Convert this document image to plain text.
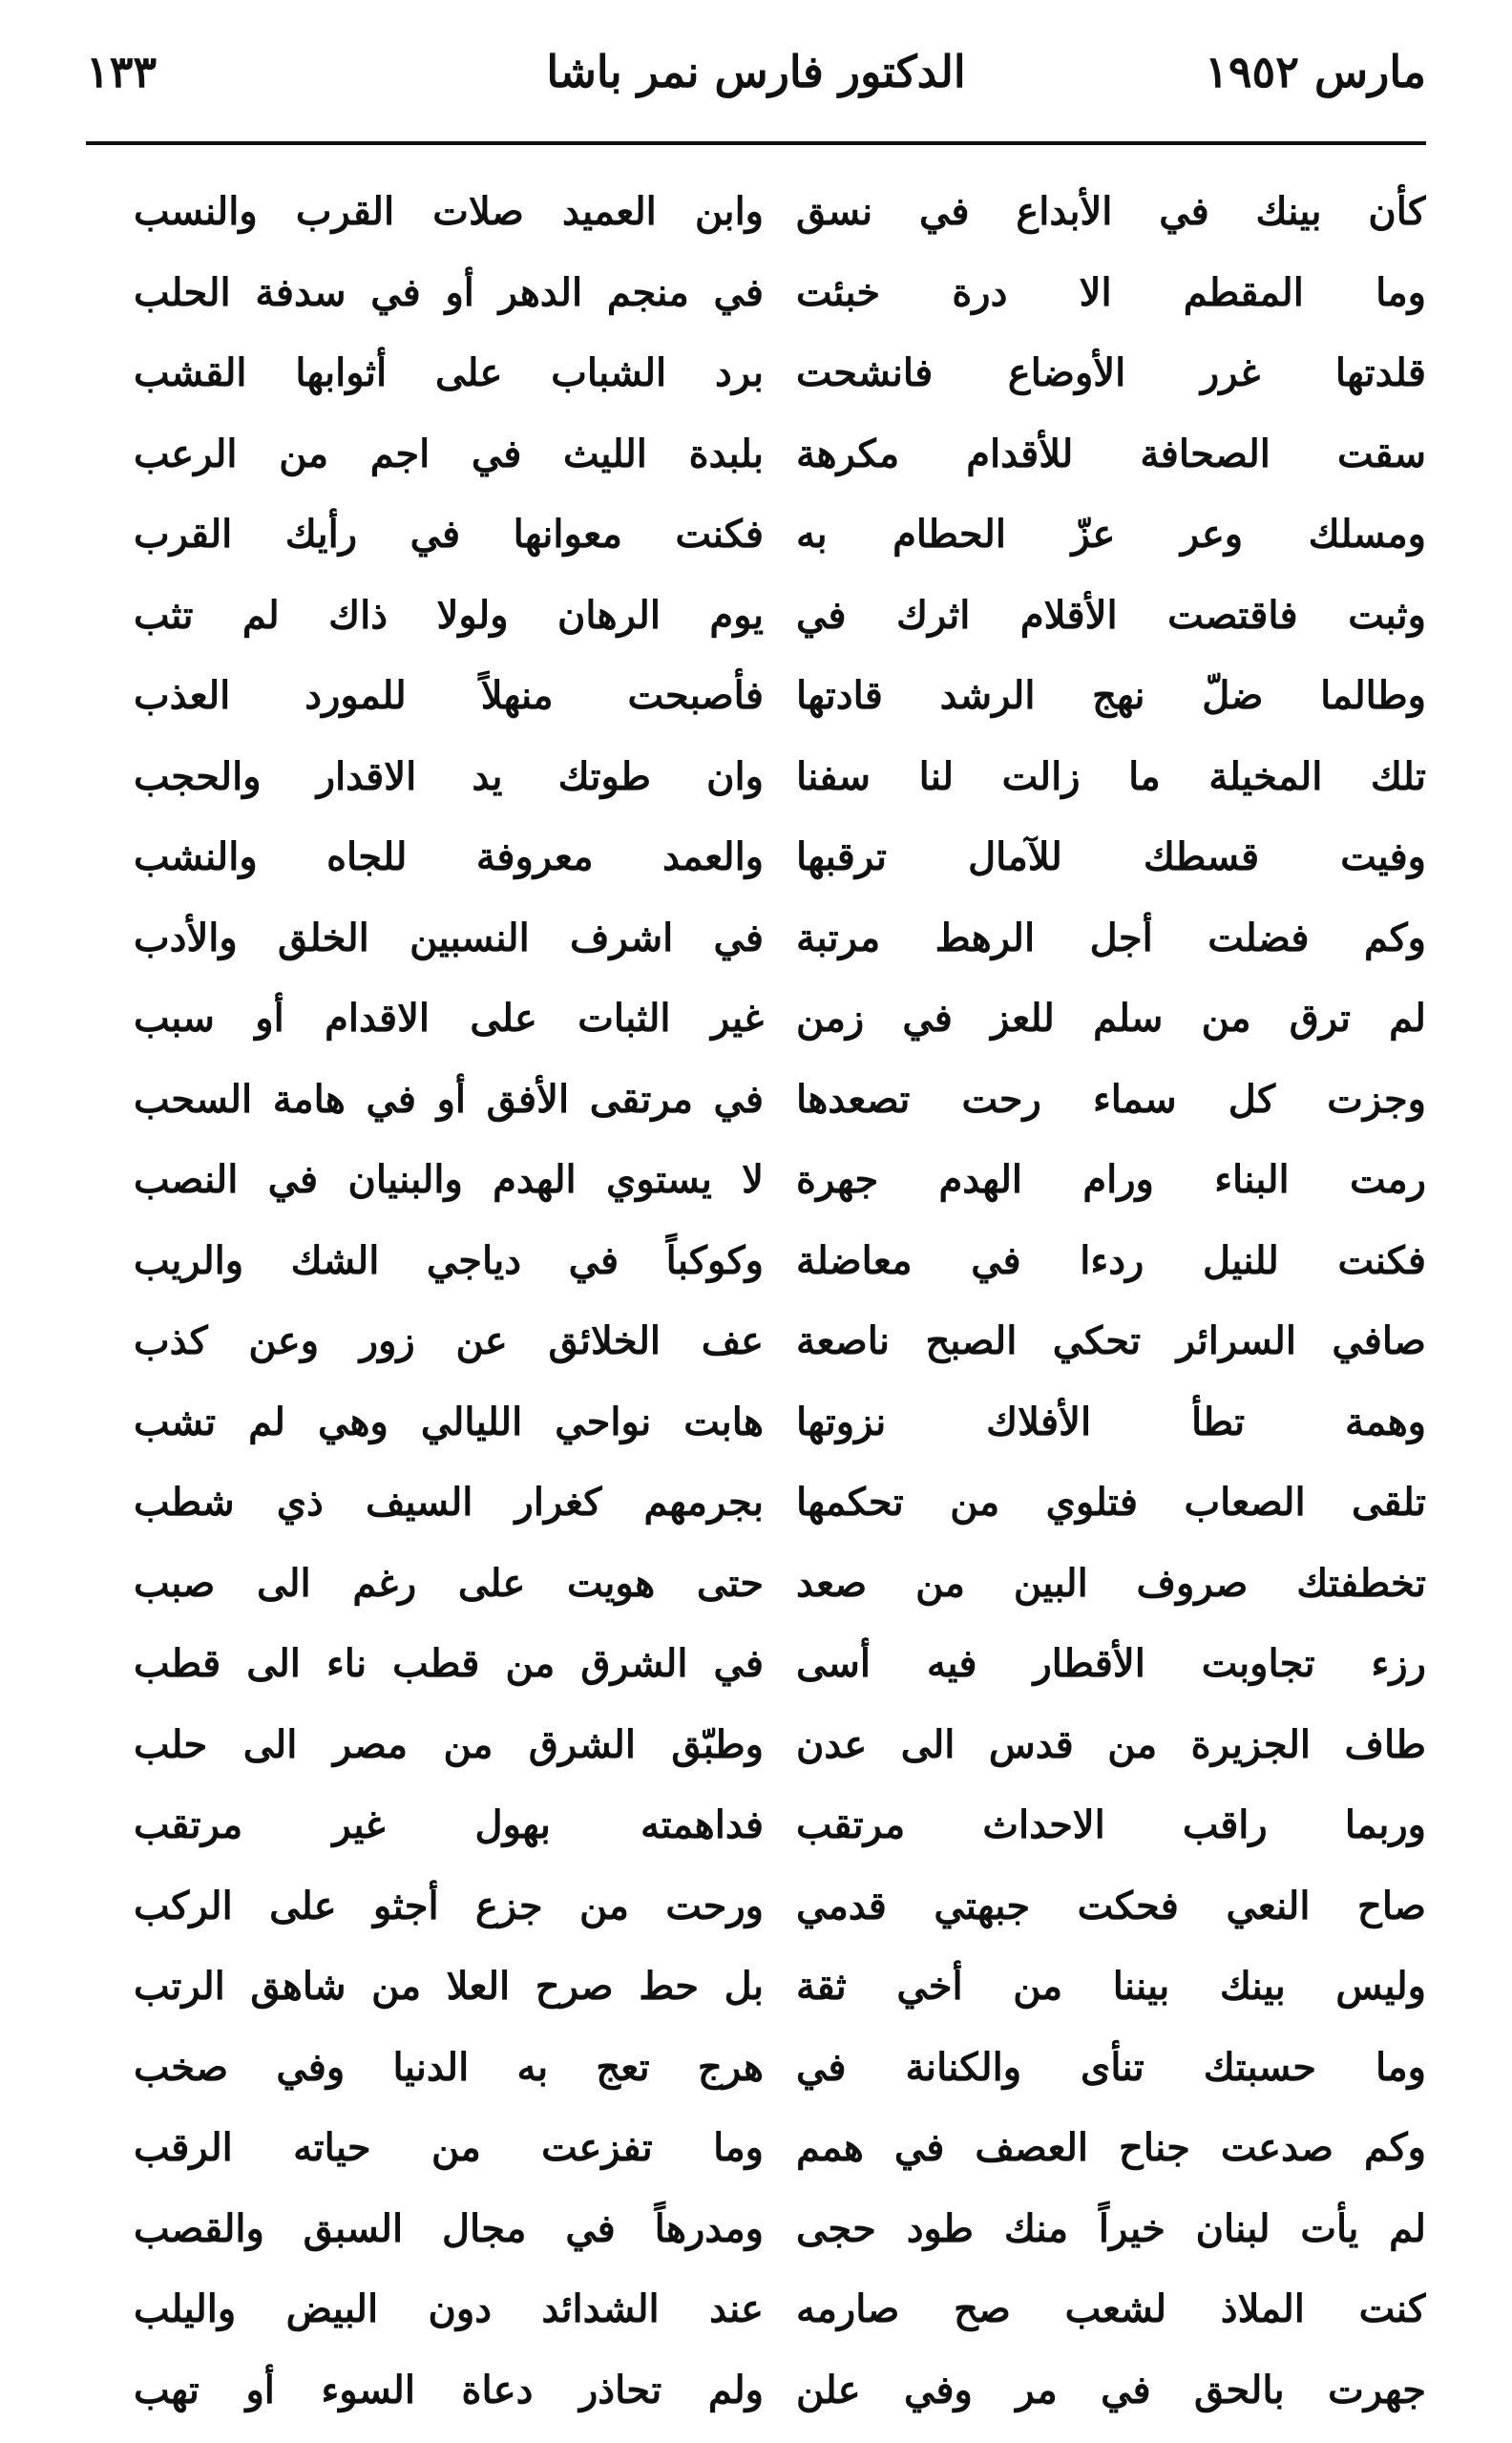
الدكتور فارس نمر باشا	مارس ١٩٥٢
١٣٣
كأن بينك في الأبداع في نسق
وما المقطم الا درة خبئت
قلدتها غرر الأوضاع فانشحت
سقت الصحافة للأقدام مكرهة
ومسلك وعر عزّ الحطام به
وثبت فاقتصت الأقلام اثرك في
وطالما ضلّ نهج الرشد قادتها
تلك المخيلة ما زالت لنا سفنا
وفيت قسطك للآمال ترقبها
وكم فضلت أجل الرهط مرتبة
لم ترق من سلم للعز في زمن
وجزت كل سماء رحت تصعدها
رمت البناء ورام الهدم جهرة
فكنت للنيل ردءا في معاضلة
صافي السرائر تحكي الصبح ناصعة
وهمة تطأ الأفلاك نزوتها
تلقى الصعاب فتلوي من تحكمها
تخطفتك صروف البين من صعد
رزء تجاوبت الأقطار فيه أسى
طاف الجزيرة من قدس الى عدن
وربما راقب الاحداث مرتقب
صاح النعي فحكت جبهتي قدمي
وليس بينك بيننا من أخي ثقة
وما حسبتك تنأى والكنانة في
وكم صدعت جناح العصف في همم
لم يأت لبنان خيراً منك طود حجى
كنت الملاذ لشعب صح صارمه
جهرت بالحق في مر وفي علن
وابن العميد صلات القرب والنسب
في منجم الدهر أو في سدفة الحلب
برد الشباب على أثوابها القشب
بلبدة الليث في اجم من الرعب
فكنت معوانها في رأيك القرب
يوم الرهان ولولا ذاك لم تثب
فأصبحت منهلاً للمورد العذب
وان طوتك يد الاقدار والحجب
والعمد معروفة للجاه والنشب
في اشرف النسبين الخلق والأدب
غير الثبات على الاقدام أو سبب
في مرتقى الأفق أو في هامة السحب
لا يستوي الهدم والبنيان في النصب
وكوكباً في دياجي الشك والريب
عف الخلائق عن زور وعن كذب
هابت نواحي الليالي وهي لم تشب
بجرمهم كغرار السيف ذي شطب
حتى هويت على رغم الى صبب
في الشرق من قطب ناء الى قطب
وطبّق الشرق من مصر الى حلب
فداهمته بهول غير مرتقب
ورحت من جزع أجثو على الركب
بل حط صرح العلا من شاهق الرتب
هرج تعج به الدنيا وفي صخب
وما تفزعت من حياته الرقب
ومدرهاً في مجال السبق والقصب
عند الشدائد دون البيض واليلب
ولم تحاذر دعاة السوء أو تهب
